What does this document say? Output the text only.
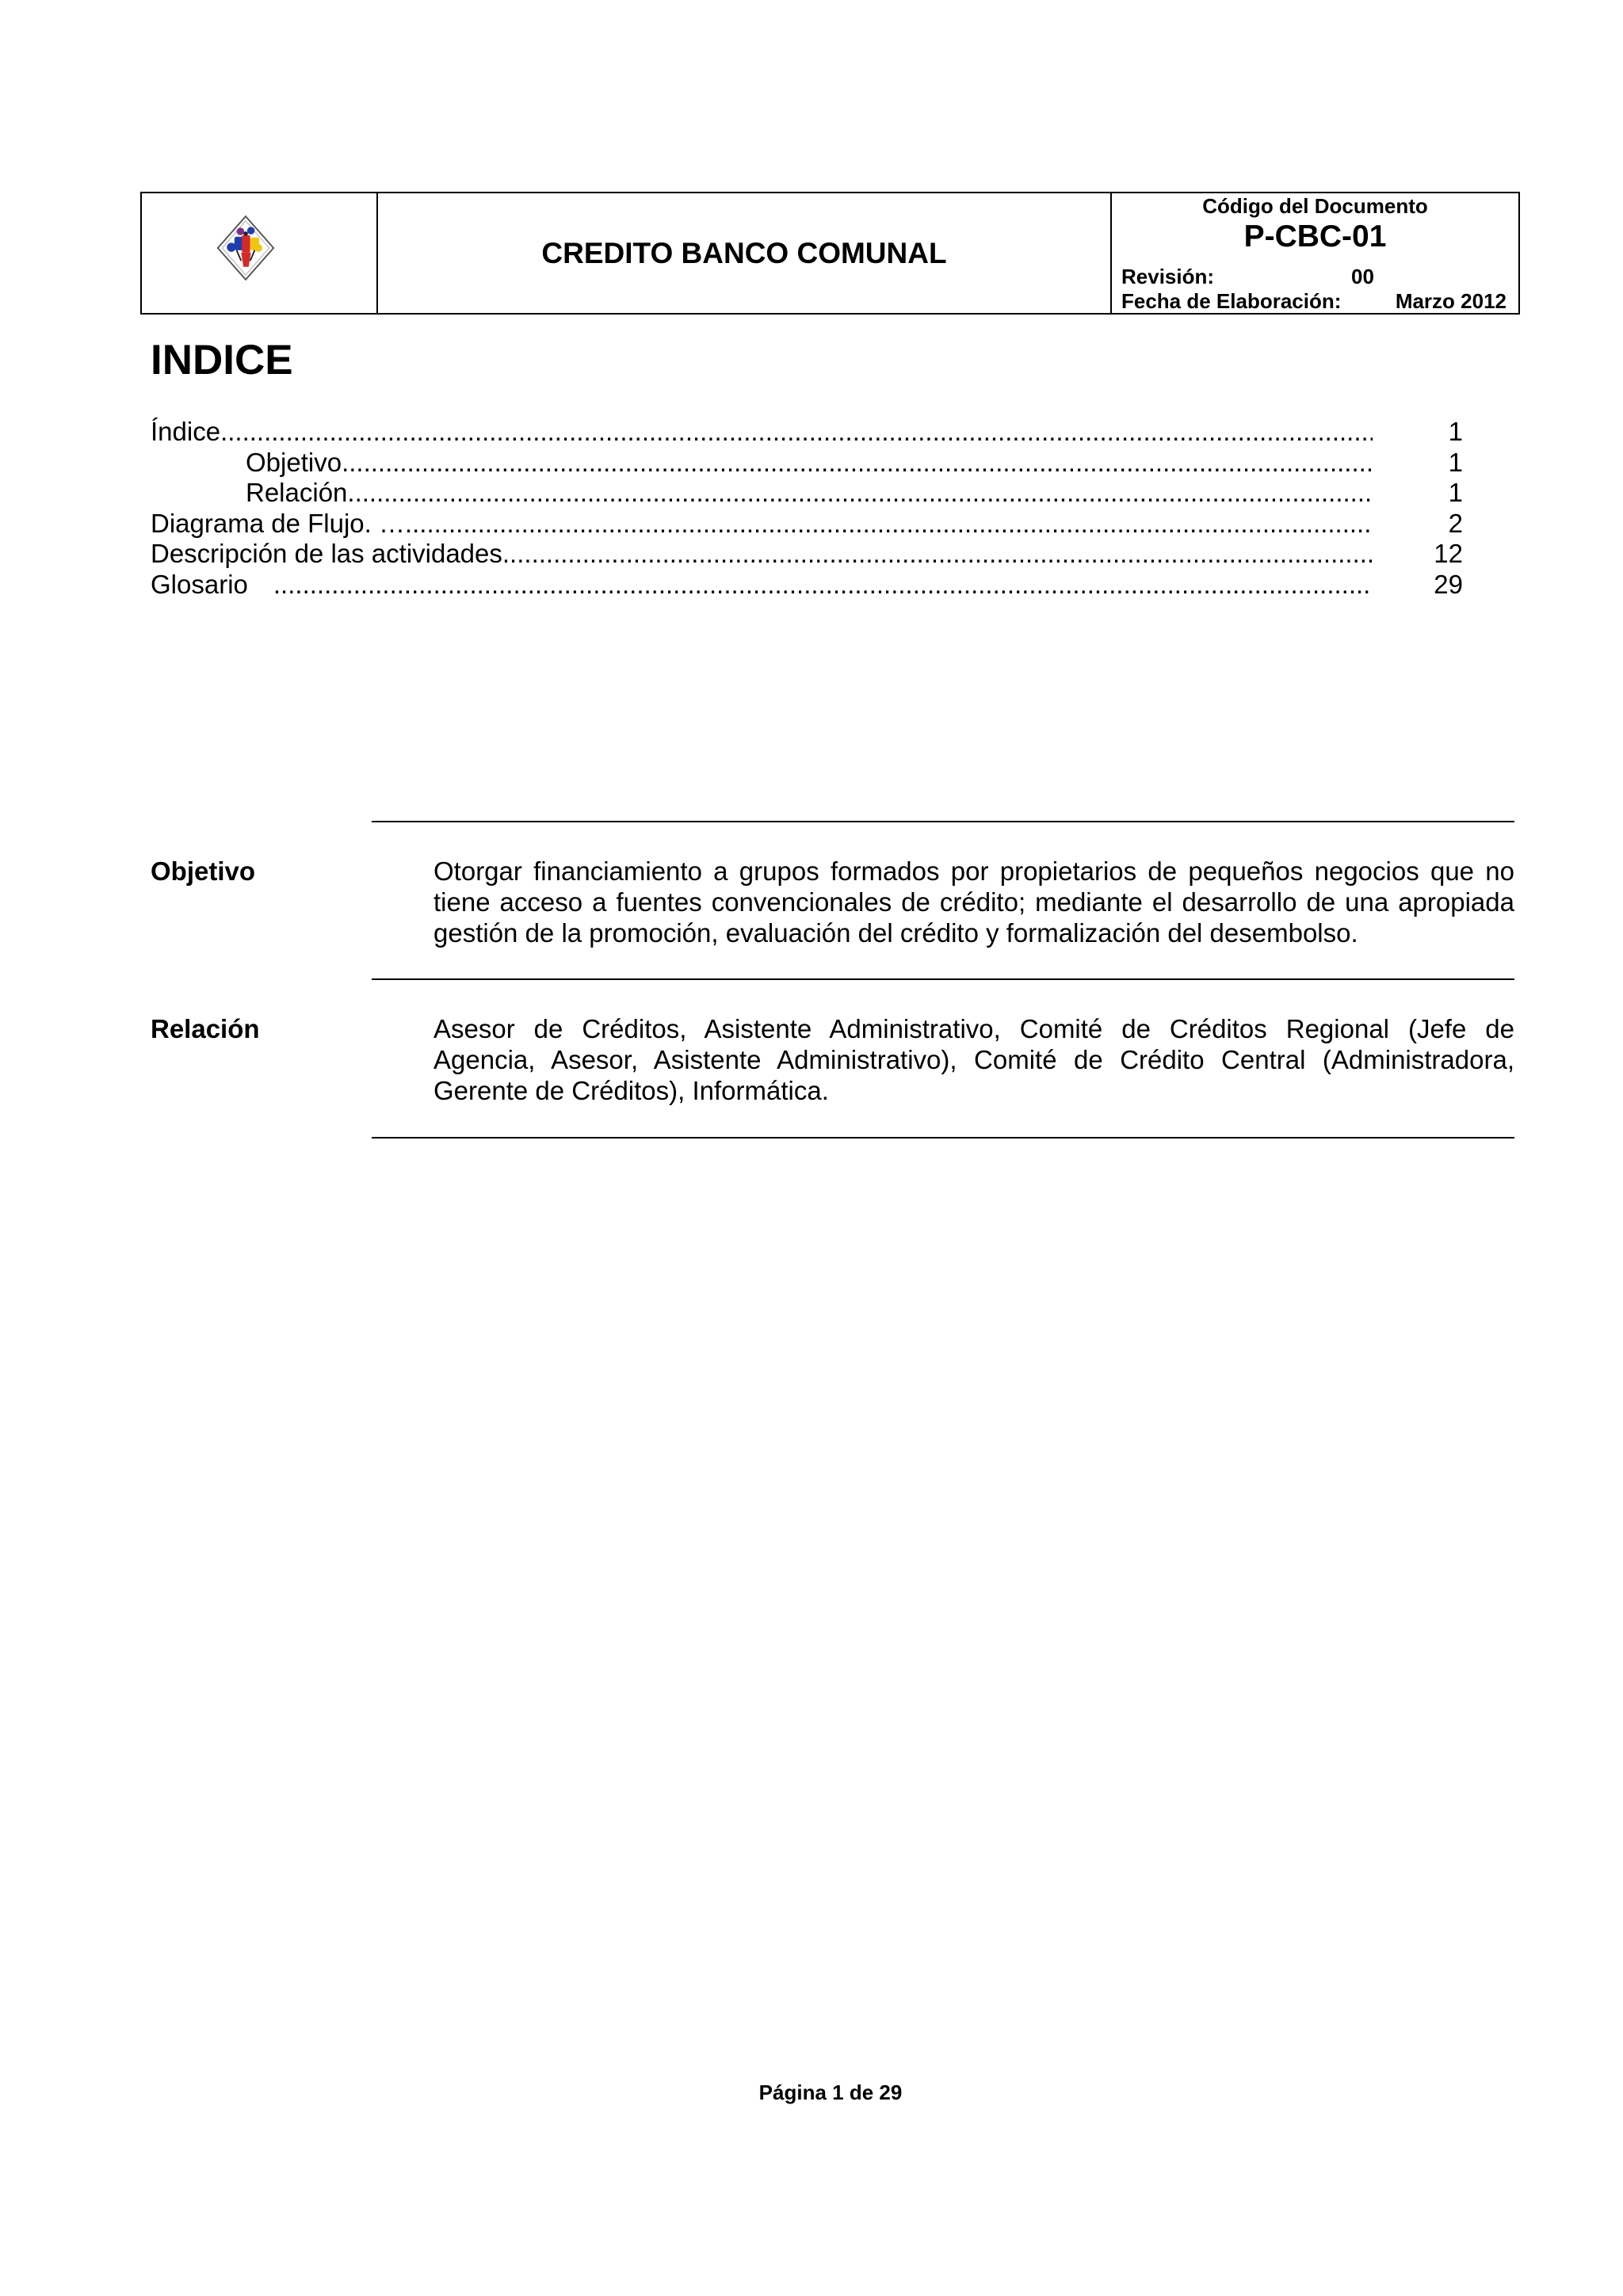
CREDITO BANCO COMUNAL
Código del Documento
P-CBC-01
Revisión:	00
Fecha de Elaboración:	Marzo 2012
INDICE
Índice .....	1
Objetivo .....	1
Relación .....	1
Diagrama de Flujo. … .....	2
Descripción de las actividades .....	12
Glosario .....	29
Objetivo	Otorgar financiamiento a grupos formados por propietarios de pequeños negocios que no
tiene acceso a fuentes convencionales de crédito; mediante el desarrollo de una apropiada
gestión de la promoción, evaluación del crédito y formalización del desembolso.
Relación	Asesor de Créditos, Asistente Administrativo, Comité de Créditos Regional (Jefe de
Agencia, Asesor, Asistente Administrativo), Comité de Crédito Central (Administradora,
Gerente de Créditos), Informática.
Página 1 de 29
